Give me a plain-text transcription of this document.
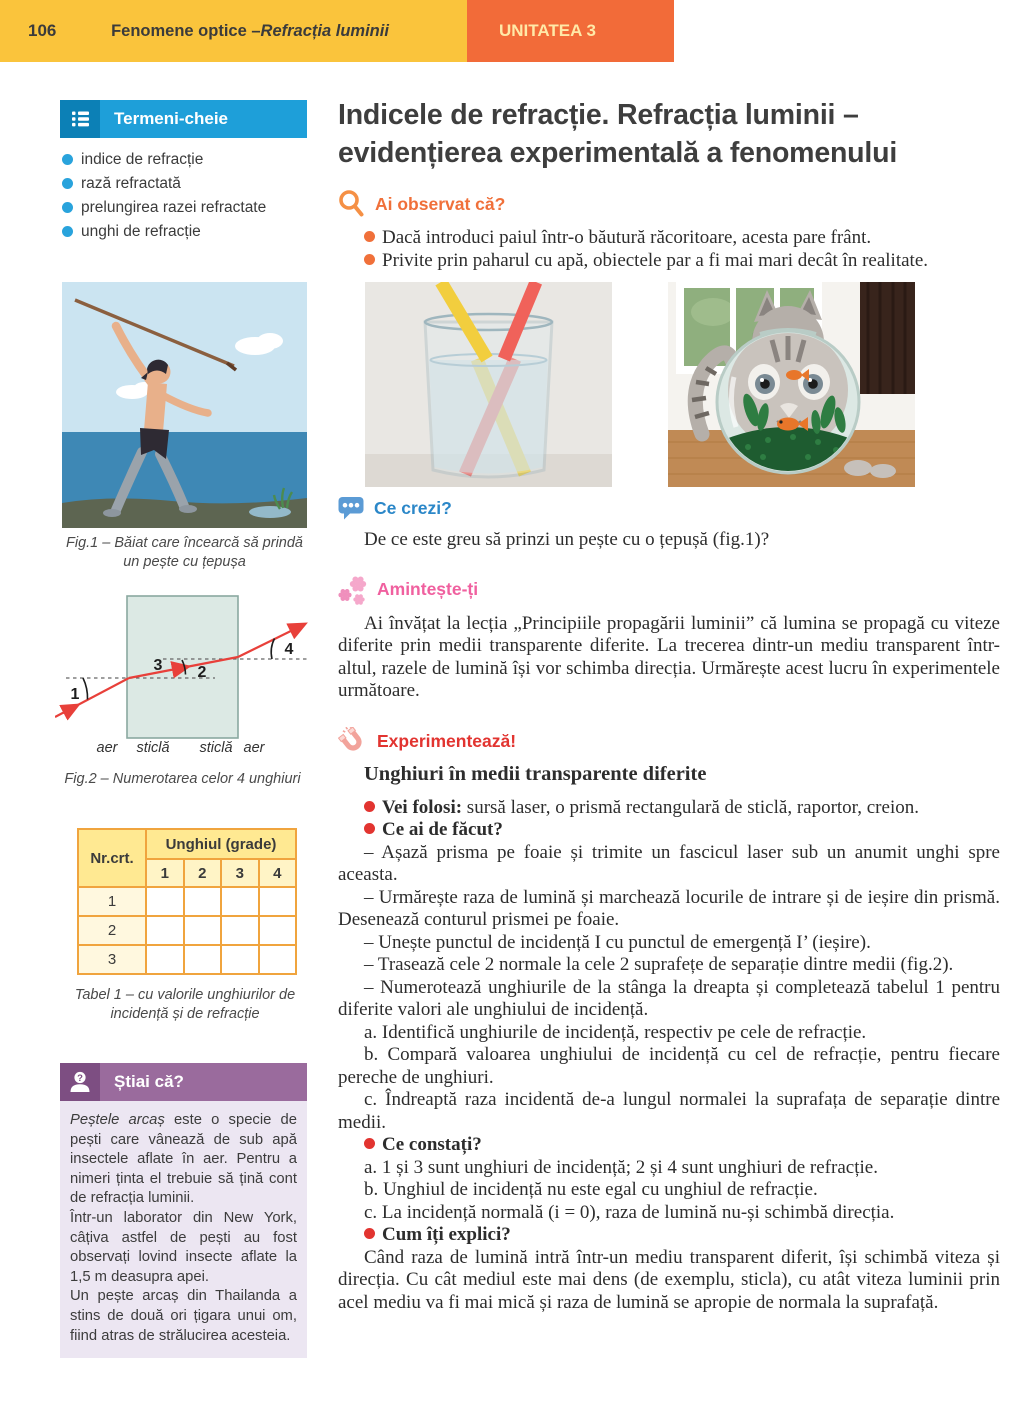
UNITATEA 3
106	Fenomene optice – Refracția luminii
Termeni-cheie
indice de refracție
rază refractată
prelungirea razei refractate
unghi de refracție
Fig.1 – Băiat care încearcă să prindă un pește cu țepușa
1
3 2
4
aer sticlă sticlă aer
Fig.2 – Numerotarea celor 4 unghiuri
Nr.crt.	Unghiul (grade)			
	1	2	3	4
1				
2				
3				
Tabel 1 – cu valorile unghiurilor de incidență și de refracție
? Știai că?

Peștele arcaș este o specie de pești care vânează de sub apă insectele aflate în aer. Pentru a nimeri ținta el trebuie să țină cont de refracția luminii.

Într-un laborator din New York, câțiva astfel de pești au fost observați lovind insecte aflate la 1,5 m deasupra apei.

Un pește arcaș din Thailanda a stins de două ori țigara unui om, fiind atras de strălucirea acesteia.

Indicele de refracție. Refracția luminii –
evidențierea experimentală a fenomenului
Ai observat că?

Dacă introduci paiul într-o băutură răcoritoare, acesta pare frânt.

Privite prin paharul cu apă, obiectele par a fi mai mari decât în realitate.

Ce crezi?

De ce este greu să prinzi un pește cu o țepușă (fig.1)?

Amintește-ți

Ai învățat la lecția „Principiile propagării luminii” că lumina se propagă cu viteze diferite prin medii transparente diferite. La trecerea dintr-un mediu transparent într-altul, razele de lumină își vor schimba direcția. Urmărește acest lucru în experimentele următoare.

Experimentează!
Unghiuri în medii transparente diferite

Vei folosi: sursă laser, o prismă rectangulară de sticlă, raportor, creion.

Ce ai de făcut?

– Așază prisma pe foaie și trimite un fascicul laser sub un anumit unghi spre aceasta.

– Urmărește raza de lumină și marchează locurile de intrare și de ieșire din prismă. Desenează conturul prismei pe foaie.

– Unește punctul de incidență I cu punctul de emergență I’ (ieșire).

– Trasează cele 2 normale la cele 2 suprafețe de separație dintre medii (fig.2).

– Numerotează unghiurile de la stânga la dreapta și completează tabelul 1 pentru diferite valori ale unghiului de incidență.

a. Identifică unghiurile de incidență, respectiv pe cele de refracție.

b. Compară valoarea unghiului de incidență cu cel de refracție, pentru fiecare pereche de unghiuri.

c. Îndreaptă raza incidentă de-a lungul normalei la suprafața de separație dintre medii.

Ce constați?

a. 1 și 3 sunt unghiuri de incidență; 2 și 4 sunt unghiuri de refracție.

b. Unghiul de incidență nu este egal cu unghiul de refracție.

c. La incidență normală (i = 0), raza de lumină nu-și schimbă direcția.

Cum îți explici?

Când raza de lumină intră într-un mediu transparent diferit, își schimbă viteza și direcția. Cu cât mediul este mai dens (de exemplu, sticla), cu atât viteza luminii prin acel mediu va fi mai mică și raza de lumină se apropie de normala la suprafață.
